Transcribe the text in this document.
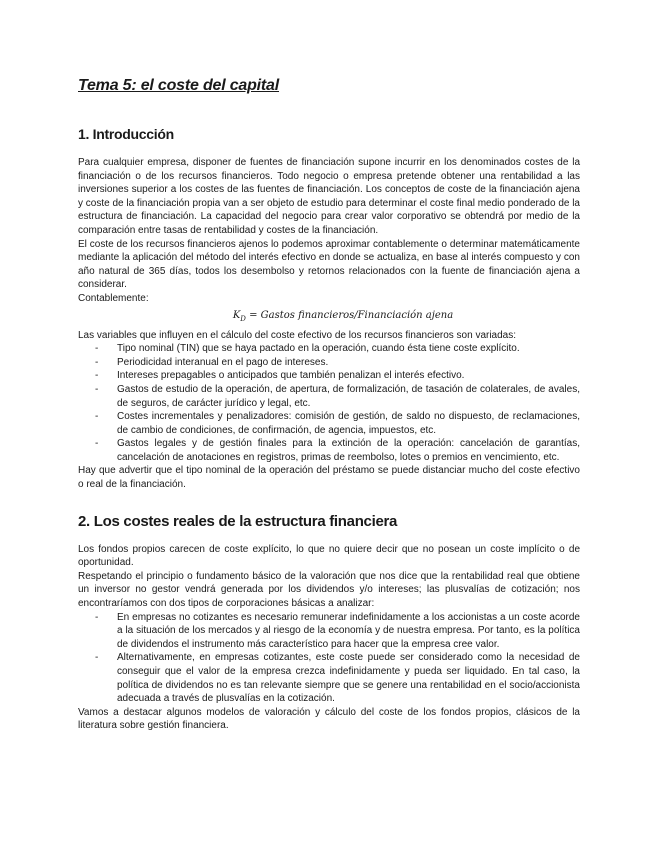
Tema 5: el coste del capital
1. Introducción

Para cualquier empresa, disponer de fuentes de financiación supone incurrir en los denominados costes de la financiación o de los recursos financieros. Todo negocio o empresa pretende obtener una rentabilidad a las inversiones superior a los costes de las fuentes de financiación. Los conceptos de coste de la financiación ajena y coste de la financiación propia van a ser objeto de estudio para determinar el coste final medio ponderado de la estructura de financiación. La capacidad del negocio para crear valor corporativo se obtendrá por medio de la comparación entre tasas de rentabilidad y costes de la financiación.

El coste de los recursos financieros ajenos lo podemos aproximar contablemente o determinar matemáticamente mediante la aplicación del método del interés efectivo en donde se actualiza, en base al interés compuesto y con año natural de 365 días, todos los desembolso y retornos relacionados con la fuente de financiación ajena a considerar.

Contablemente:

$K_D$ = Gastos financieros/Financiación ajena

Las variables que influyen en el cálculo del coste efectivo de los recursos financieros son variadas:

- Tipo nominal (TIN) que se haya pactado en la operación, cuando ésta tiene coste explícito.
- Periodicidad interanual en el pago de intereses.
- Intereses prepagables o anticipados que también penalizan el interés efectivo.
- Gastos de estudio de la operación, de apertura, de formalización, de tasación de colaterales, de avales, de seguros, de carácter jurídico y legal, etc.
- Costes incrementales y penalizadores: comisión de gestión, de saldo no dispuesto, de reclamaciones, de cambio de condiciones, de confirmación, de agencia, impuestos, etc.
- Gastos legales y de gestión finales para la extinción de la operación: cancelación de garantías, cancelación de anotaciones en registros, primas de reembolso, lotes o premios en vencimiento, etc.

Hay que advertir que el tipo nominal de la operación del préstamo se puede distanciar mucho del coste efectivo o real de la financiación.

2. Los costes reales de la estructura financiera

Los fondos propios carecen de coste explícito, lo que no quiere decir que no posean un coste implícito o de oportunidad.

Respetando el principio o fundamento básico de la valoración que nos dice que la rentabilidad real que obtiene un inversor no gestor vendrá generada por los dividendos y/o intereses; las plusvalías de cotización; nos encontraríamos con dos tipos de corporaciones básicas a analizar:

- En empresas no cotizantes es necesario remunerar indefinidamente a los accionistas a un coste acorde a la situación de los mercados y al riesgo de la economía y de nuestra empresa. Por tanto, es la política de dividendos el instrumento más característico para hacer que la empresa cree valor.
- Alternativamente, en empresas cotizantes, este coste puede ser considerado como la necesidad de conseguir que el valor de la empresa crezca indefinidamente y pueda ser liquidado. En tal caso, la política de dividendos no es tan relevante siempre que se genere una rentabilidad en el socio/accionista adecuada a través de plusvalías en la cotización.

Vamos a destacar algunos modelos de valoración y cálculo del coste de los fondos propios, clásicos de la literatura sobre gestión financiera.
